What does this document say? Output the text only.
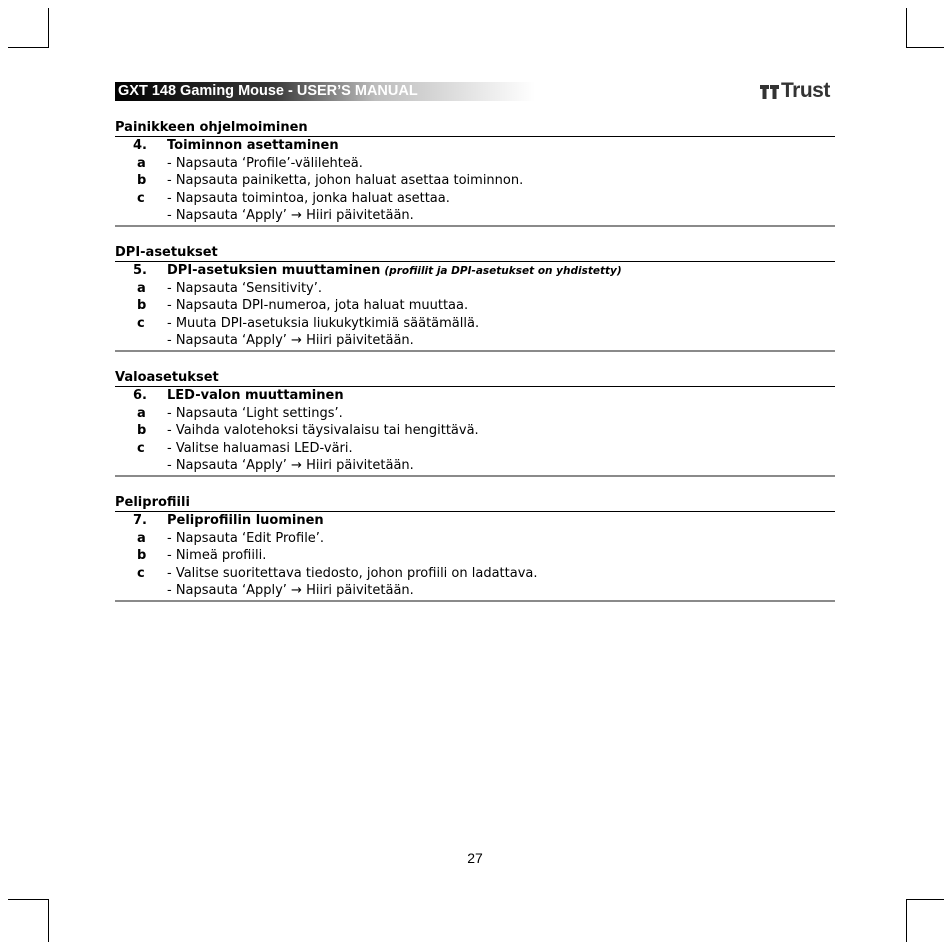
GXT 148 Gaming Mouse - USER’S MANUAL	Trust
Painikkeen ohjelmoiminen
4.	Toiminnon asettaminen
a - Napsauta ‘Profile’-välilehteä.
b - Napsauta painiketta, johon haluat asettaa toiminnon.
c - Napsauta toimintoa, jonka haluat asettaa.
- Napsauta ‘Apply’ → Hiiri päivitetään.
DPI-asetukset
5.	DPI-asetuksien muuttaminen (profiilit ja DPI-asetukset on yhdistetty)
a - Napsauta ‘Sensitivity’.
b - Napsauta DPI-numeroa, jota haluat muuttaa.
c - Muuta DPI-asetuksia liukukytkimiä säätämällä.
- Napsauta ‘Apply’ → Hiiri päivitetään.
Valoasetukset
6.	LED-valon muuttaminen
a - Napsauta ‘Light settings’.
b - Vaihda valotehoksi täysivalaisu tai hengittävä.
c - Valitse haluamasi LED-väri.
- Napsauta ‘Apply’ → Hiiri päivitetään.
Peliprofiili
7.	Peliprofiilin luominen
a - Napsauta ‘Edit Profile’.
b - Nimeä profiili.
c - Valitse suoritettava tiedosto, johon profiili on ladattava.
- Napsauta ‘Apply’ → Hiiri päivitetään.
27
